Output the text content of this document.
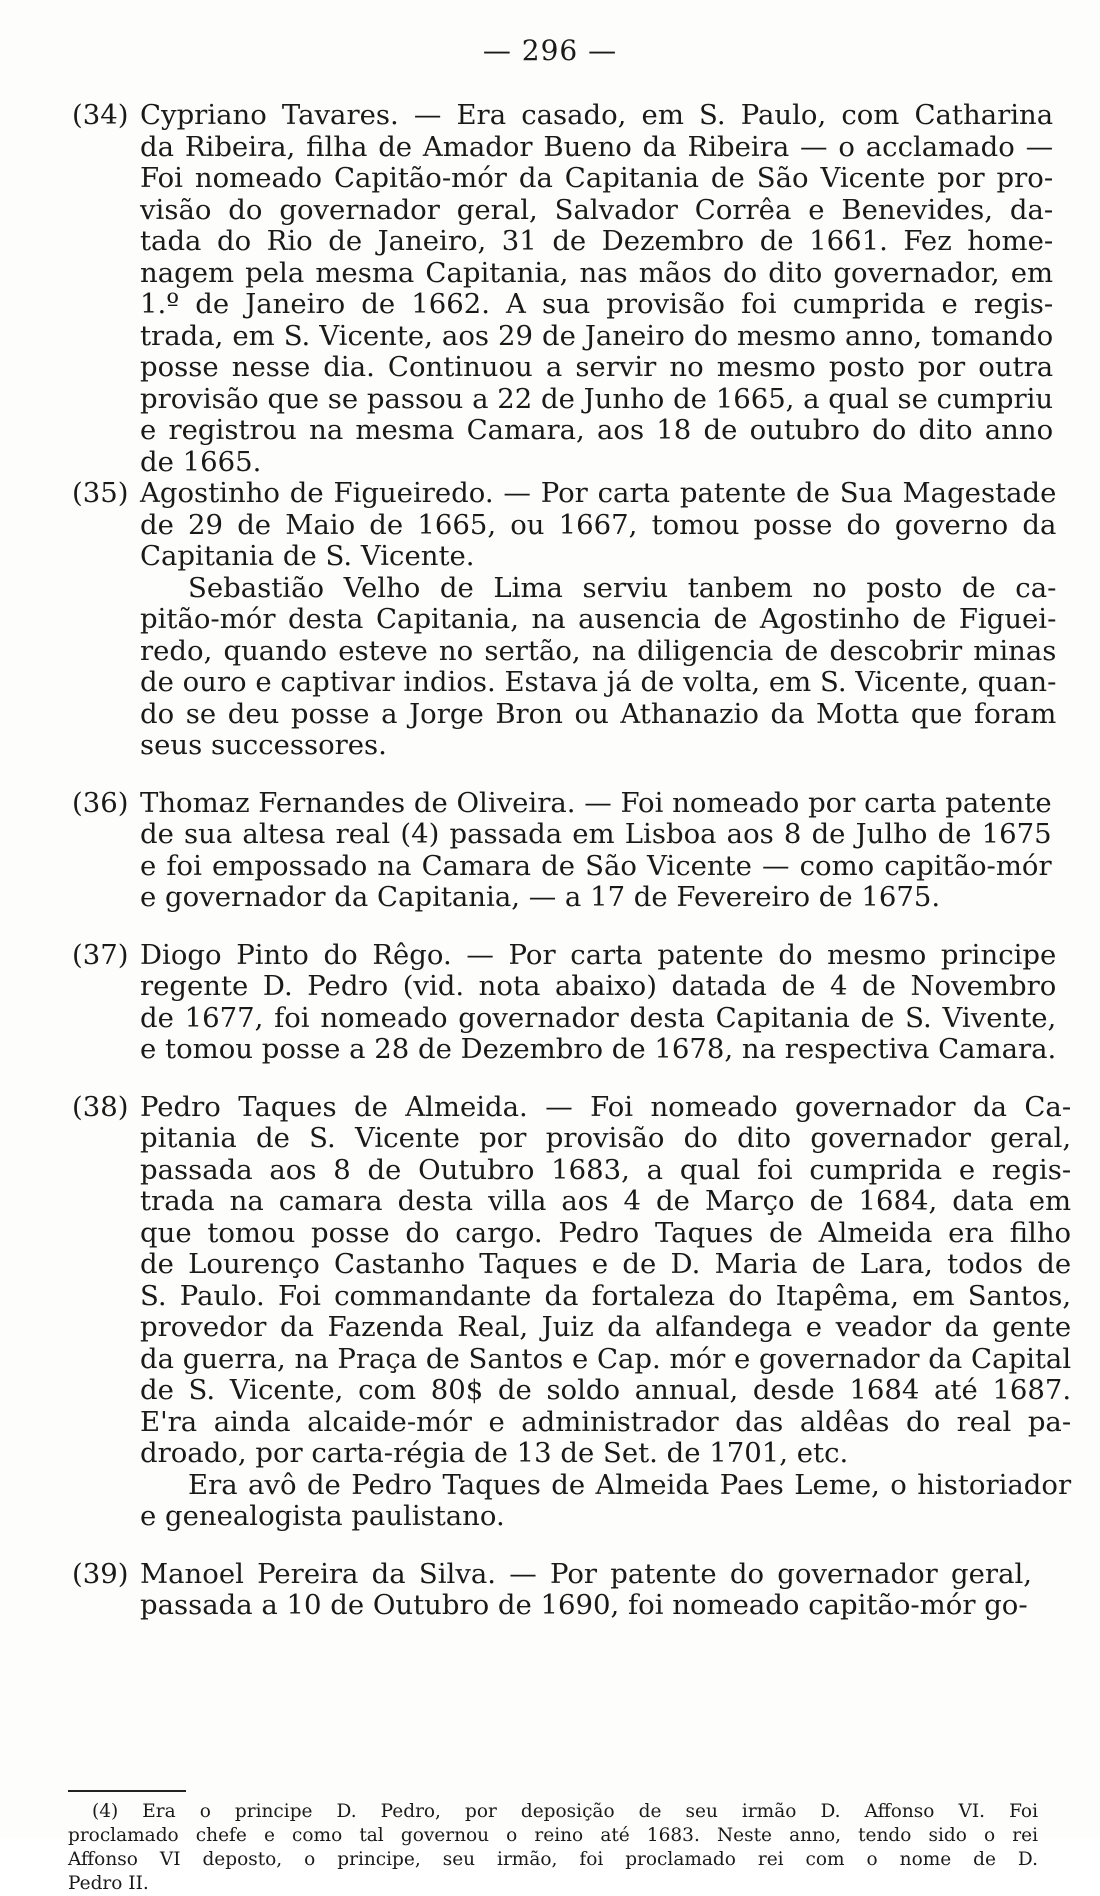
— 296 —
(34) Cypriano Tavares. — Era casado, em S. Paulo, com Catharina
da Ribeira, filha de Amador Bueno da Ribeira — o acclamado —
Foi nomeado Capitão-mór da Capitania de São Vicente por pro-
visão do governador geral, Salvador Corrêa e Benevides, da-
tada do Rio de Janeiro, 31 de Dezembro de 1661. Fez home-
nagem pela mesma Capitania, nas mãos do dito governador, em
1.º de Janeiro de 1662. A sua provisão foi cumprida e regis-
trada, em S. Vicente, aos 29 de Janeiro do mesmo anno, tomando
posse nesse dia. Continuou a servir no mesmo posto por outra
provisão que se passou a 22 de Junho de 1665, a qual se cumpriu
e registrou na mesma Camara, aos 18 de outubro do dito anno
de 1665.
(35) Agostinho de Figueiredo. — Por carta patente de Sua Magestade
de 29 de Maio de 1665, ou 1667, tomou posse do governo da
Capitania de S. Vicente.
Sebastião Velho de Lima serviu tanbem no posto de ca-
pitão-mór desta Capitania, na ausencia de Agostinho de Figuei-
redo, quando esteve no sertão, na diligencia de descobrir minas
de ouro e captivar indios. Estava já de volta, em S. Vicente, quan-
do se deu posse a Jorge Bron ou Athanazio da Motta que foram
seus successores.
(36) Thomaz Fernandes de Oliveira. — Foi nomeado por carta patente
de sua altesa real (4) passada em Lisboa aos 8 de Julho de 1675
e foi empossado na Camara de São Vicente — como capitão-mór
e governador da Capitania, — a 17 de Fevereiro de 1675.
(37) Diogo Pinto do Rêgo. — Por carta patente do mesmo principe
regente D. Pedro (vid. nota abaixo) datada de 4 de Novembro
de 1677, foi nomeado governador desta Capitania de S. Vivente,
e tomou posse a 28 de Dezembro de 1678, na respectiva Camara.
(38) Pedro Taques de Almeida. — Foi nomeado governador da Ca-
pitania de S. Vicente por provisão do dito governador geral,
passada aos 8 de Outubro 1683, a qual foi cumprida e regis-
trada na camara desta villa aos 4 de Março de 1684, data em
que tomou posse do cargo. Pedro Taques de Almeida era filho
de Lourenço Castanho Taques e de D. Maria de Lara, todos de
S. Paulo. Foi commandante da fortaleza do Itapêma, em Santos,
provedor da Fazenda Real, Juiz da alfandega e veador da gente
da guerra, na Praça de Santos e Cap. mór e governador da Capital
de S. Vicente, com 80$ de soldo annual, desde 1684 até 1687.
E'ra ainda alcaide-mór e administrador das aldêas do real pa-
droado, por carta-régia de 13 de Set. de 1701, etc.
Era avô de Pedro Taques de Almeida Paes Leme, o historiador
e genealogista paulistano.
(39) Manoel Pereira da Silva. — Por patente do governador geral,
passada a 10 de Outubro de 1690, foi nomeado capitão-mór go-
(4) Era o principe D. Pedro, por deposição de seu irmão D. Affonso VI. Foi
proclamado chefe e como tal governou o reino até 1683. Neste anno, tendo sido o rei
Affonso VI deposto, o principe, seu irmão, foi proclamado rei com o nome de D.
Pedro II.
